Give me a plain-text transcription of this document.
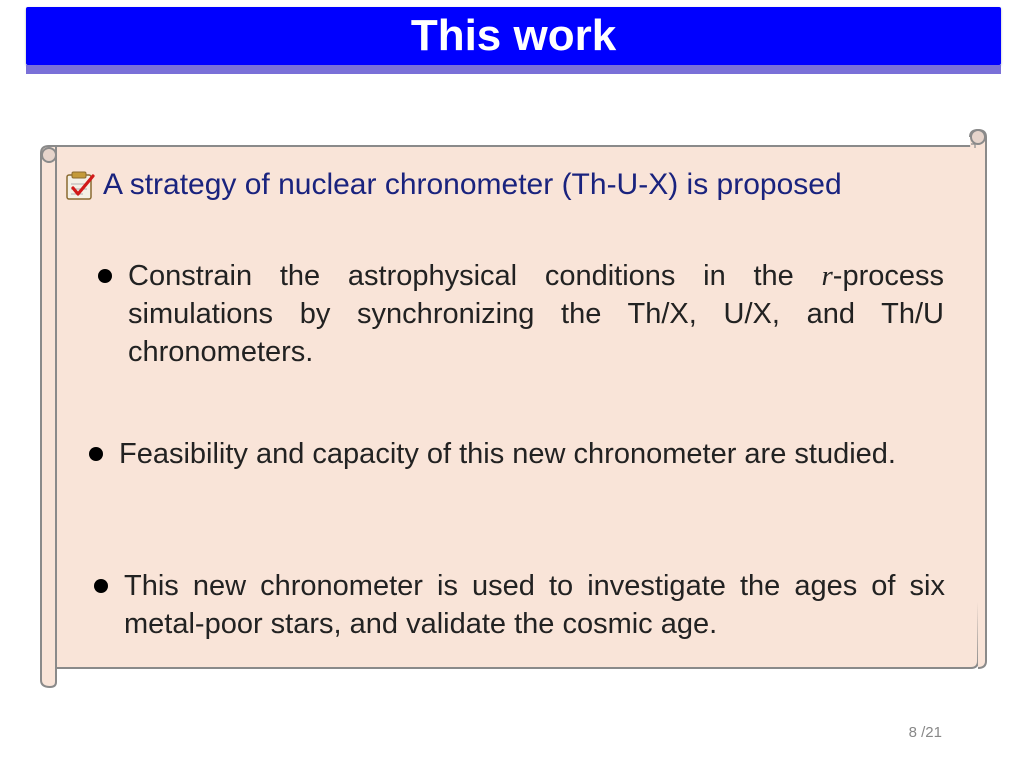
This work
A strategy of nuclear chronometer (Th-U-X) is proposed
Constrain the astrophysical conditions in the r-process simulations by synchronizing the Th/X, U/X, and Th/U chronometers.
Feasibility and capacity of this new chronometer are studied.
This new chronometer is used to investigate the ages of six metal-poor stars, and validate the cosmic age.
8 /21
